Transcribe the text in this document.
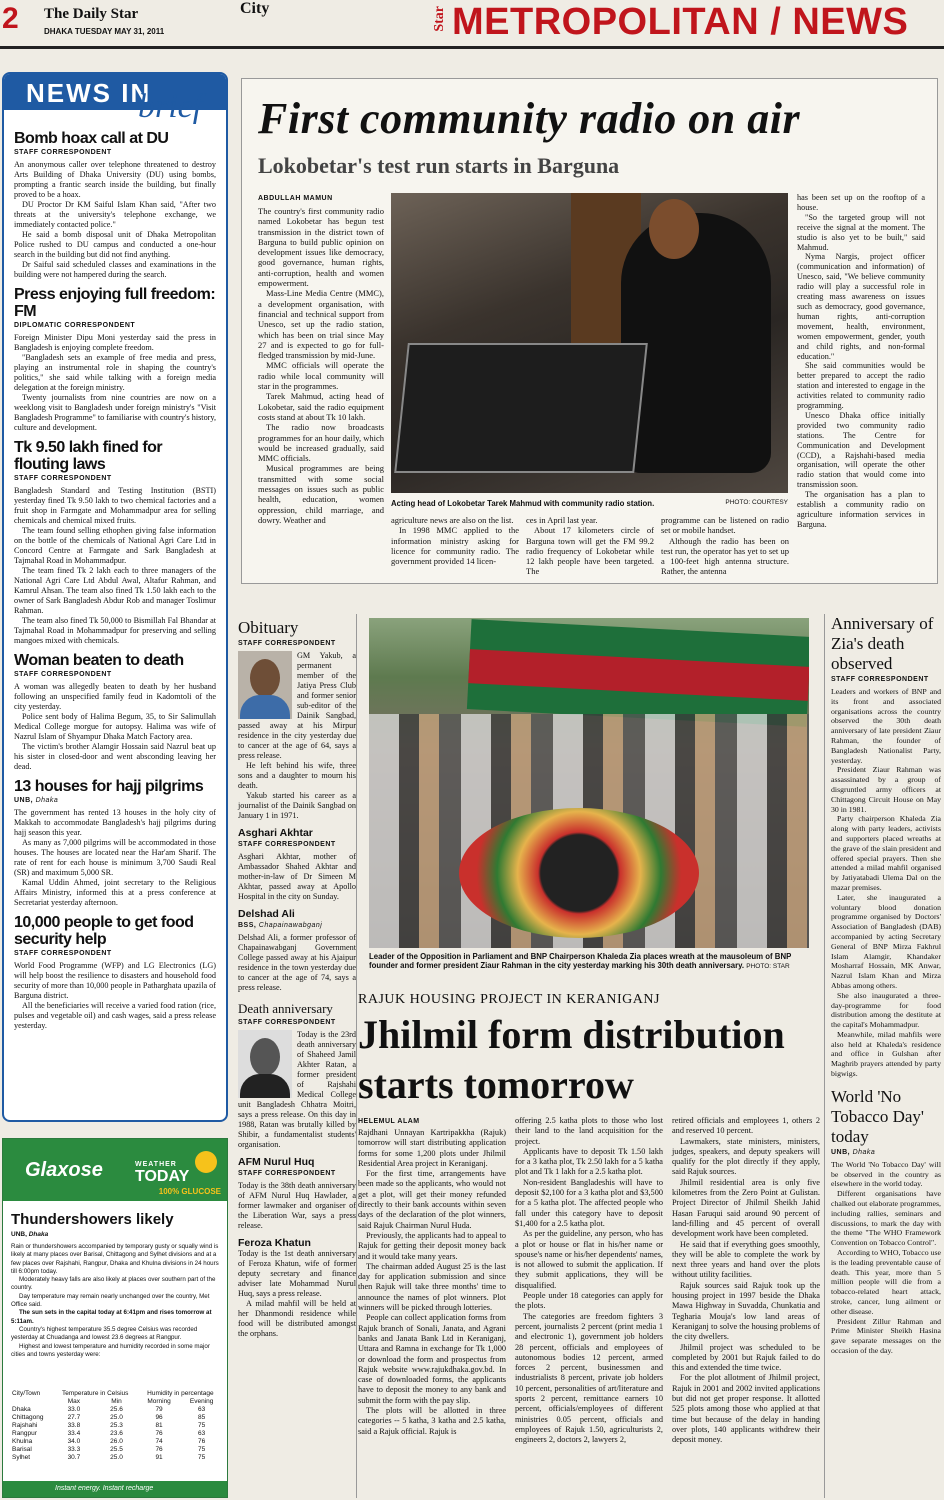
2 The Daily Star
DHAKA TUESDAY MAY 31, 2011
City	Star METROPOLITAN / NEWS
NEWS IN
brief
Bomb hoax call at DU
STAFF CORRESPONDENT

An anonymous caller over telephone threatened to destroy Arts Building of Dhaka University (DU) using bombs, prompting a frantic search inside the building, but finally proved to be a hoax.

DU Proctor Dr KM Saiful Islam Khan said, "After two threats at the university's telephone exchange, we immediately contacted police."

He said a bomb disposal unit of Dhaka Metropolitan Police rushed to DU campus and conducted a one-hour search in the building but did not find anything.

Dr Saiful said scheduled classes and examinations in the building were not hampered during the search.

Press enjoying full freedom: FM
DIPLOMATIC CORRESPONDENT

Foreign Minister Dipu Moni yesterday said the press in Bangladesh is enjoying complete freedom.

"Bangladesh sets an example of free media and press, playing an instrumental role in shaping the country's politics," she said while talking with a foreign media delegation at the foreign ministry.

Twenty journalists from nine countries are now on a weeklong visit to Bangladesh under foreign ministry's "Visit Bangladesh Programme" to familiarise with country's history, culture and development.

Tk 9.50 lakh fined for flouting laws
STAFF CORRESPONDENT

Bangladesh Standard and Testing Institution (BSTI) yesterday fined Tk 9.50 lakh to two chemical factories and a fruit shop in Farmgate and Mohammadpur area for selling chemicals and chemical mixed fruits.

The team found selling ethophen giving false information on the bottle of the chemicals of National Agri Care Ltd in Concord Centre at Farmgate and Sark Bangladesh at Tajmahal Road in Mohammadpur.

The team fined Tk 2 lakh each to three managers of the National Agri Care Ltd Abdul Awal, Altafur Rahman, and Kamrul Ahsan. The team also fined Tk 1.50 lakh each to the owner of Sark Bangladesh Abdur Rob and manager Toslimur Rahman.

The team also fined Tk 50,000 to Bismillah Fal Bhandar at Tajmahal Road in Mohammadpur for preserving and selling mangoes mixed with chemicals.

Woman beaten to death
STAFF CORRESPONDENT

A woman was allegedly beaten to death by her husband following an unspecified family feud in Kadomtoli of the city yesterday.

Police sent body of Halima Begum, 35, to Sir Salimullah Medical College morgue for autopsy. Halima was wife of Nazrul Islam of Shyampur Dhaka Match Factory area.

The victim's brother Alamgir Hossain said Nazrul beat up his sister in closed-door and went absconding leaving her dead.

13 houses for hajj pilgrims
UNB, Dhaka

The government has rented 13 houses in the holy city of Makkah to accommodate Bangladesh's hajj pilgrims during hajj season this year.

As many as 7,000 pilgrims will be accommodated in those houses. The houses are located near the Har'am Sharif. The rate of rent for each house is minimum 3,700 Saudi Real (SR) and maximum 5,000 SR.

Kamal Uddin Ahmed, joint secretary to the Religious Affairs Ministry, informed this at a press conference at Secretariat yesterday afternoon.

10,000 people to get food security help
STAFF CORRESPONDENT

World Food Programme (WFP) and LG Electronics (LG) will help boost the resilience to disasters and household food security of more than 10,000 people in Patharghata upazila of Barguna district.

All the beneficiaries will receive a varied food ration (rice, pulses and vegetable oil) and cash wages, said a press release yesterday.

Glaxose	WEATHER
TODAY
100% GLUCOSE
Thundershowers likely
UNB, Dhaka
Rain or thundershowers accompanied by temporary gusty or squally wind is likely at many places over Barisal, Chittagong and Sylhet divisions and at a few places over Rajshahi, Rangpur, Dhaka and Khulna divisions in 24 hours till 6:00pm today.
Moderately heavy falls are also likely at places over southern part of the country.
Day temperature may remain nearly unchanged over the country, Met Office said.
The sun sets in the capital today at 6:41pm and rises tomorrow at 5:11am.
Country's highest temperature 35.5 degree Celsius was recorded yesterday at Chuadanga and lowest 23.6 degrees at Rangpur.
Highest and lowest temperature and humidity recorded in some major cities and towns yesterday were:
City/Town	Temperature in Celsius		Humidity in percentage	
	Max	Min	Morning	Evening
Dhaka	33.0	25.6	79	63
Chittagong	27.7	25.0	96	85
Rajshahi	33.8	25.3	81	75
Rangpur	33.4	23.6	76	63
Khulna	34.0	26.0	74	76
Barisal	33.3	25.5	76	75
Sylhet	30.7	25.0	91	75
Instant energy. Instant recharge
First community radio on air
Lokobetar's test run starts in Barguna
ABDULLAH MAMUN

The country's first community radio named Lokobetar has begun test transmission in the district town of Barguna to build public opinion on development issues like democracy, good governance, human rights, anti-corruption, health and women empowerment.

Mass-Line Media Centre (MMC), a development organisation, with financial and technical support from Unesco, set up the radio station, which has been on trial since May 27 and is expected to go for full-fledged transmission by mid-June.

MMC officials will operate the radio while local community will star in the programmes.

Tarek Mahmud, acting head of Lokobetar, said the radio equipment costs stand at about Tk 10 lakh.

The radio now broadcasts programmes for an hour daily, which would be increased gradually, said MMC officials.

Musical programmes are being transmitted with some social messages on issues such as public health, education, women oppression, child marriage, and dowry. Weather and

PHOTO: COURTESY
Acting head of Lokobetar Tarek Mahmud with community radio station.

agriculture news are also on the list.

In 1998 MMC applied to the information ministry asking for licence for community radio. The government provided 14 licen-

ces in April last year.

About 17 kilometers circle of Barguna town will get the FM 99.2 radio frequency of Lokobetar while 12 lakh people have been targeted. The

programme can be listened on radio set or mobile handset.

Although the radio has been on test run, the operator has yet to set up a 100-feet high antenna structure. Rather, the antenna

has been set up on the rooftop of a house.

"So the targeted group will not receive the signal at the moment. The studio is also yet to be built," said Mahmud.

Nyma Nargis, project officer (communication and information) of Unesco, said, "We believe community radio will play a successful role in creating mass awareness on issues such as democracy, good governance, human rights, anti-corruption movement, health, environment, women empowerment, gender, youth and child rights, and non-formal education."

She said communities would be better prepared to accept the radio station and interested to engage in the activities related to community radio programming.

Unesco Dhaka office initially provided two community radio stations. The Centre for Communication and Development (CCD), a Rajshahi-based media organisation, will operate the other radio station that would come into transmission soon.

The organisation has a plan to establish a community radio on agriculture information services in Barguna.

Obituary
STAFF CORRESPONDENT

GM Yakub, a permanent member of the Jatiya Press Club and former senior sub-editor of the Dainik Sangbad, passed away at his Mirpur residence in the city yesterday due to cancer at the age of 64, says a press release.

He left behind his wife, three sons and a daughter to mourn his death.

Yakub started his career as a journalist of the Dainik Sangbad on January 1 in 1971.

Asghari Akhtar
STAFF CORRESPONDENT
Asghari Akhtar, mother of Ambassador Shahed Akhtar and mother-in-law of Dr Simeen M Akhtar, passed away at Apollo Hospital in the city on Sunday.
Delshad Ali
BSS, Chapainawabganj
Delshad Ali, a former professor of Chapainawabganj Government College passed away at his Ajaipur residence in the town yesterday due to cancer at the age of 74, says a press release.
Death anniversary
STAFF CORRESPONDENT

Today is the 23rd death anniversary of Shaheed Jamil Akhter Ratan, a former president of Rajshahi Medical College unit Bangladesh Chhatra Moitri, says a press release. On this day in 1988, Ratan was brutally killed by Shibir, a fundamentalist students' organisation.

AFM Nurul Huq
STAFF CORRESPONDENT
Today is the 38th death anniversary of AFM Nurul Huq Hawlader, a former lawmaker and organiser of the Liberation War, says a press release.
Feroza Khatun

Today is the 1st death anniversary of Feroza Khatun, wife of former deputy secretary and finance adviser late Mohammad Nurul Huq, says a press release.

A milad mahfil will be held at her Dhanmondi residence while food will be distributed amongst the orphans.

Leader of the Opposition in Parliament and BNP Chairperson Khaleda Zia places wreath at the mausoleum of BNP founder and former president Ziaur Rahman in the city yesterday marking his 30th death anniversary. PHOTO: STAR
RAJUK HOUSING PROJECT IN KERANIGANJ
Jhilmil form distribution starts tomorrow
HELEMUL ALAM

Rajdhani Unnayan Kartripakkha (Rajuk) tomorrow will start distributing application forms for some 1,200 plots under Jhilmil Residential Area project in Keraniganj.

For the first time, arrangements have been made so the applicants, who would not get a plot, will get their money refunded directly to their bank accounts within seven days of the declaration of the plot winners, said Rajuk Chairman Nurul Huda.

Previously, the applicants had to appeal to Rajuk for getting their deposit money back and it would take many years.

The chairman added August 25 is the last day for application submission and since then Rajuk will take three months' time to announce the names of plot winners. Plot winners will be picked through lotteries.

People can collect application forms from Rajuk branch of Sonali, Janata, and Agrani banks and Janata Bank Ltd in Keraniganj, Uttara and Ramna in exchange for Tk 1,000 or download the form and prospectus from Rajuk website www.rajukdhaka.gov.bd. In case of downloaded forms, the applicants have to deposit the money to any bank and submit the form with the pay slip.

The plots will be allotted in three categories -- 5 katha, 3 katha and 2.5 katha, said a Rajuk official. Rajuk is

offering 2.5 katha plots to those who lost their land to the land acquisition for the project.

Applicants have to deposit Tk 1.50 lakh for a 3 katha plot, Tk 2.50 lakh for a 5 katha plot and Tk 1 lakh for a 2.5 katha plot.

Non-resident Bangladeshis will have to deposit $2,100 for a 3 katha plot and $3,500 for a 5 katha plot. The affected people who fall under this category have to deposit $1,400 for a 2.5 katha plot.

As per the guideline, any person, who has a plot or house or flat in his/her name or spouse's name or his/her dependents' names, is not allowed to submit the application. If they submit applications, they will be disqualified.

People under 18 categories can apply for the plots.

The categories are freedom fighters 3 percent, journalists 2 percent (print media 1 and electronic 1), government job holders 28 percent, officials and employees of autonomous bodies 12 percent, armed forces 2 percent, businessmen and industrialists 8 percent, private job holders 10 percent, personalities of art/literature and sports 2 percent, remittance earners 10 percent, officials/employees of different ministries 0.05 percent, officials and employees of Rajuk 1.50, agriculturists 2, engineers 2, doctors 2, lawyers 2,

retired officials and employees 1, others 2 and reserved 10 percent.

Lawmakers, state ministers, ministers, judges, speakers, and deputy speakers will qualify for the plot directly if they apply, said Rajuk sources.

Jhilmil residential area is only five kilometres from the Zero Point at Gulistan. Project Director of Jhilmil Sheikh Jahid Hasan Faruqui said around 90 percent of land-filling and 45 percent of overall development work have been completed.

He said that if everything goes smoothly, they will be able to complete the work by next three years and hand over the plots without utility facilities.

Rajuk sources said Rajuk took up the housing project in 1997 beside the Dhaka Mawa Highway in Suvadda, Chunkatia and Tegharia Mouja's low land areas of Keraniganj to solve the housing problems of the city dwellers.

Jhilmil project was scheduled to be completed by 2001 but Rajuk failed to do this and extended the time twice.

For the plot allotment of Jhilmil project, Rajuk in 2001 and 2002 invited applications but did not get proper response. It allotted 525 plots among those who applied at that time but because of the delay in handing over plots, 140 applicants withdrew their deposit money.

Anniversary of Zia's death observed
STAFF CORRESPONDENT

Leaders and workers of BNP and its front and associated organisations across the country observed the 30th death anniversary of late president Ziaur Rahman, the founder of Bangladesh Nationalist Party, yesterday.

President Ziaur Rahman was assassinated by a group of disgruntled army officers at Chittagong Circuit House on May 30 in 1981.

Party chairperson Khaleda Zia along with party leaders, activists and supporters placed wreaths at the grave of the slain president and offered special prayers. Then she attended a milad mahfil organised by Jatiyatabadi Ulema Dal on the mazar premises.

Later, she inaugurated a voluntary blood donation programme organised by Doctors' Association of Bangladesh (DAB) accompanied by acting Secretary General of BNP Mirza Fakhrul Islam Alamgir, Khandaker Mosharraf Hossain, MK Anwar, Nazrul Islam Khan and Mirza Abbas among others.

She also inaugurated a three-day-programme for food distribution among the destitute at the capital's Mohammadpur.

Meanwhile, milad mahfils were also held at Khaleda's residence and office in Gulshan after Maghrib prayers attended by party bigwigs.

World 'No Tobacco Day' today
UNB, Dhaka

The World 'No Tobacco Day' will be observed in the country as elsewhere in the world today.

Different organisations have chalked out elaborate programmes, including rallies, seminars and discussions, to mark the day with the theme "The WHO Framework Convention on Tobacco Control".

According to WHO, Tobacco use is the leading preventable cause of death. This year, more than 5 million people will die from a tobacco-related heart attack, stroke, cancer, lung ailment or other disease.

President Zillur Rahman and Prime Minister Sheikh Hasina gave separate messages on the occasion of the day.
